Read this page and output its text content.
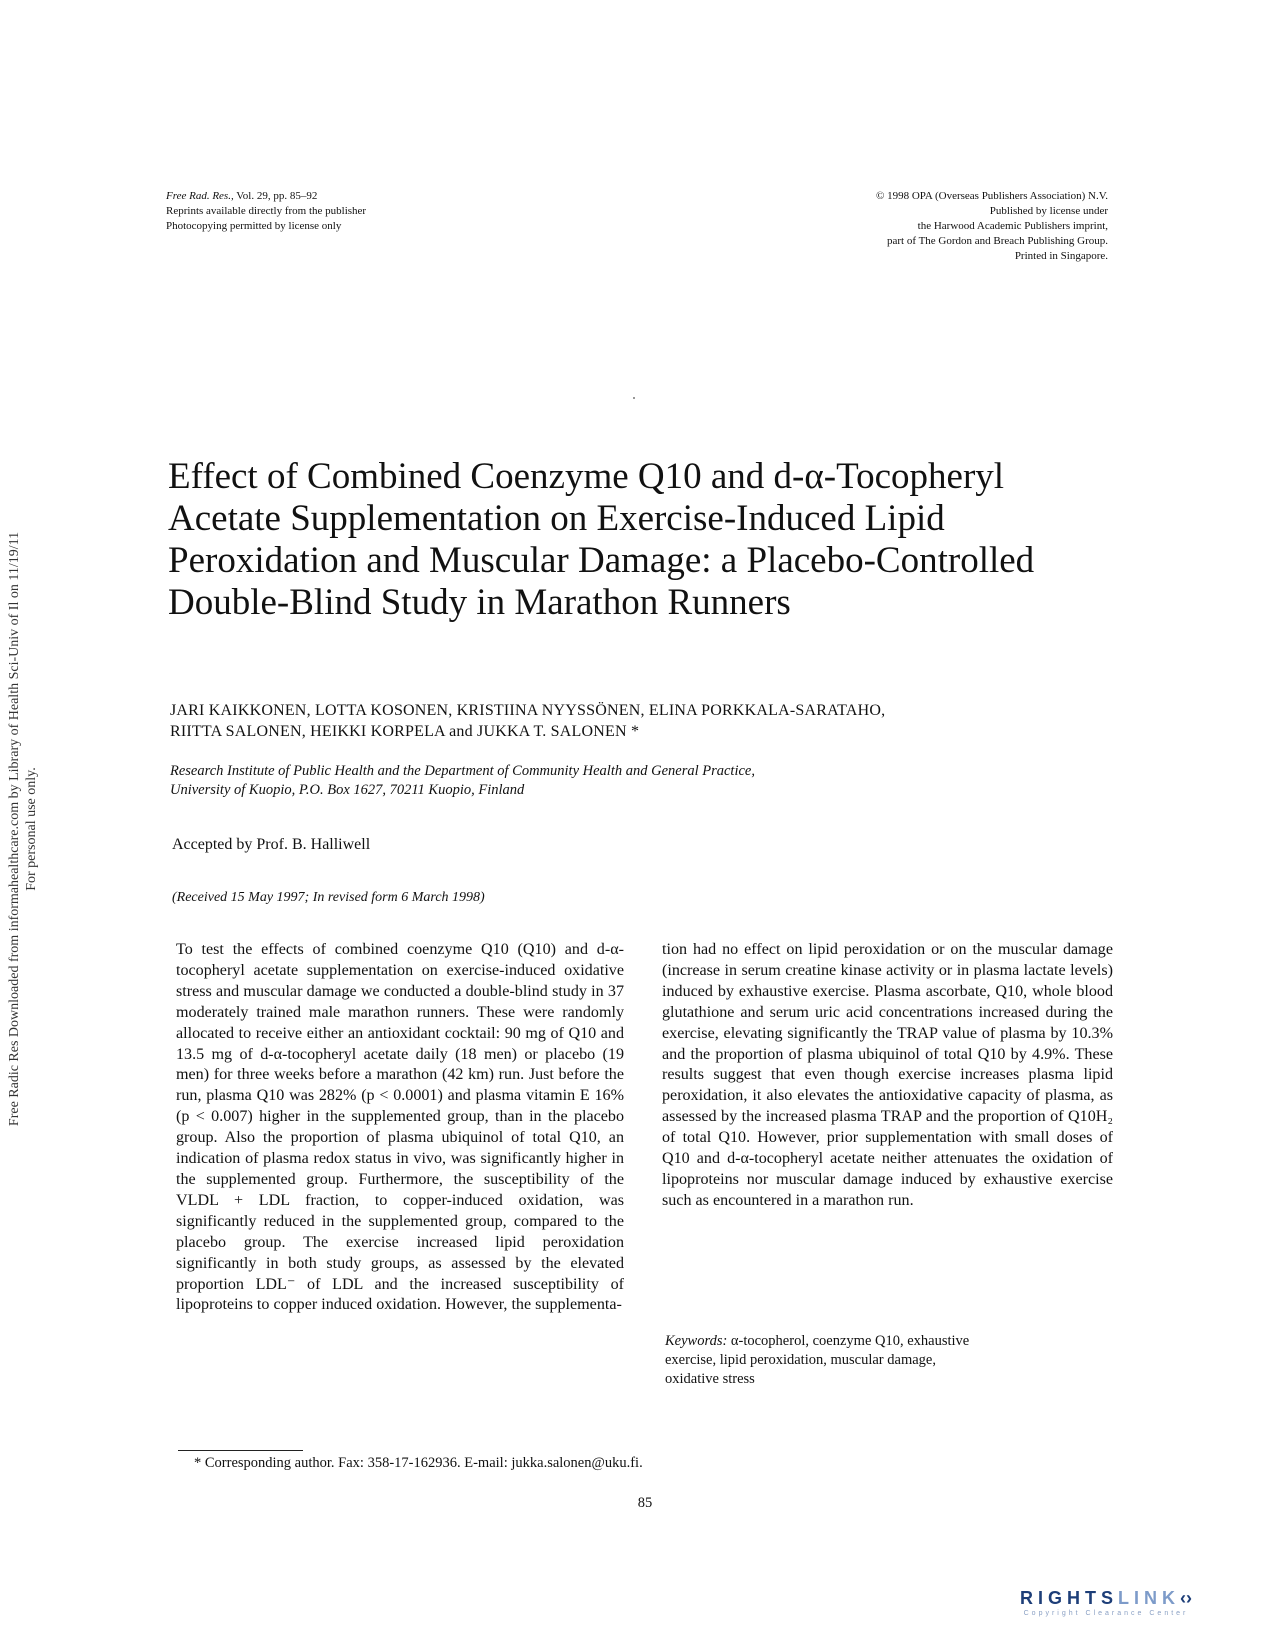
Free Radic Res Downloaded from informahealthcare.com by Library of Health Sci-Univ of Il on 11/19/11 For personal use only.
Free Rad. Res., Vol. 29, pp. 85–92
Reprints available directly from the publisher
Photocopying permitted by license only
© 1998 OPA (Overseas Publishers Association) N.V.
Published by license under
the Harwood Academic Publishers imprint,
part of The Gordon and Breach Publishing Group.
Printed in Singapore.
Effect of Combined Coenzyme Q10 and d-α-Tocopheryl Acetate Supplementation on Exercise-Induced Lipid Peroxidation and Muscular Damage: a Placebo-Controlled Double-Blind Study in Marathon Runners
JARI KAIKKONEN, LOTTA KOSONEN, KRISTIINA NYYSSÖNEN, ELINA PORKKALA-SARATAHO,
RIITTA SALONEN, HEIKKI KORPELA and JUKKA T. SALONEN *
Research Institute of Public Health and the Department of Community Health and General Practice,
University of Kuopio, P.O. Box 1627, 70211 Kuopio, Finland
Accepted by Prof. B. Halliwell
(Received 15 May 1997; In revised form 6 March 1998)
To test the effects of combined coenzyme Q10 (Q10) and d-α-tocopheryl acetate supplementation on exercise-induced oxidative stress and muscular damage we conducted a double-blind study in 37 moderately trained male marathon runners. These were randomly allocated to receive either an antioxidant cocktail: 90 mg of Q10 and 13.5 mg of d-α-tocopheryl acetate daily (18 men) or placebo (19 men) for three weeks before a marathon (42 km) run. Just before the run, plasma Q10 was 282% (p < 0.0001) and plasma vitamin E 16% (p < 0.007) higher in the supplemented group, than in the placebo group. Also the proportion of plasma ubiquinol of total Q10, an indication of plasma redox status in vivo, was significantly higher in the supplemented group. Furthermore, the susceptibility of the VLDL + LDL fraction, to copper-induced oxidation, was significantly reduced in the supplemented group, compared to the placebo group. The exercise increased lipid peroxidation significantly in both study groups, as assessed by the elevated proportion LDL⁻ of LDL and the increased susceptibility of lipoproteins to copper induced oxidation. However, the supplementa-
tion had no effect on lipid peroxidation or on the muscular damage (increase in serum creatine kinase activity or in plasma lactate levels) induced by exhaustive exercise. Plasma ascorbate, Q10, whole blood glutathione and serum uric acid concentrations increased during the exercise, elevating significantly the TRAP value of plasma by 10.3% and the proportion of plasma ubiquinol of total Q10 by 4.9%. These results suggest that even though exercise increases plasma lipid peroxidation, it also elevates the antioxidative capacity of plasma, as assessed by the increased plasma TRAP and the proportion of Q10H₂ of total Q10. However, prior supplementation with small doses of Q10 and d-α-tocopheryl acetate neither attenuates the oxidation of lipoproteins nor muscular damage induced by exhaustive exercise such as encountered in a marathon run.
Keywords: α-tocopherol, coenzyme Q10, exhaustive
exercise, lipid peroxidation, muscular damage,
oxidative stress
* Corresponding author. Fax: 358-17-162936. E-mail: jukka.salonen@uku.fi.
85
RIGHTSLINK‹›
Copyright Clearance Center
